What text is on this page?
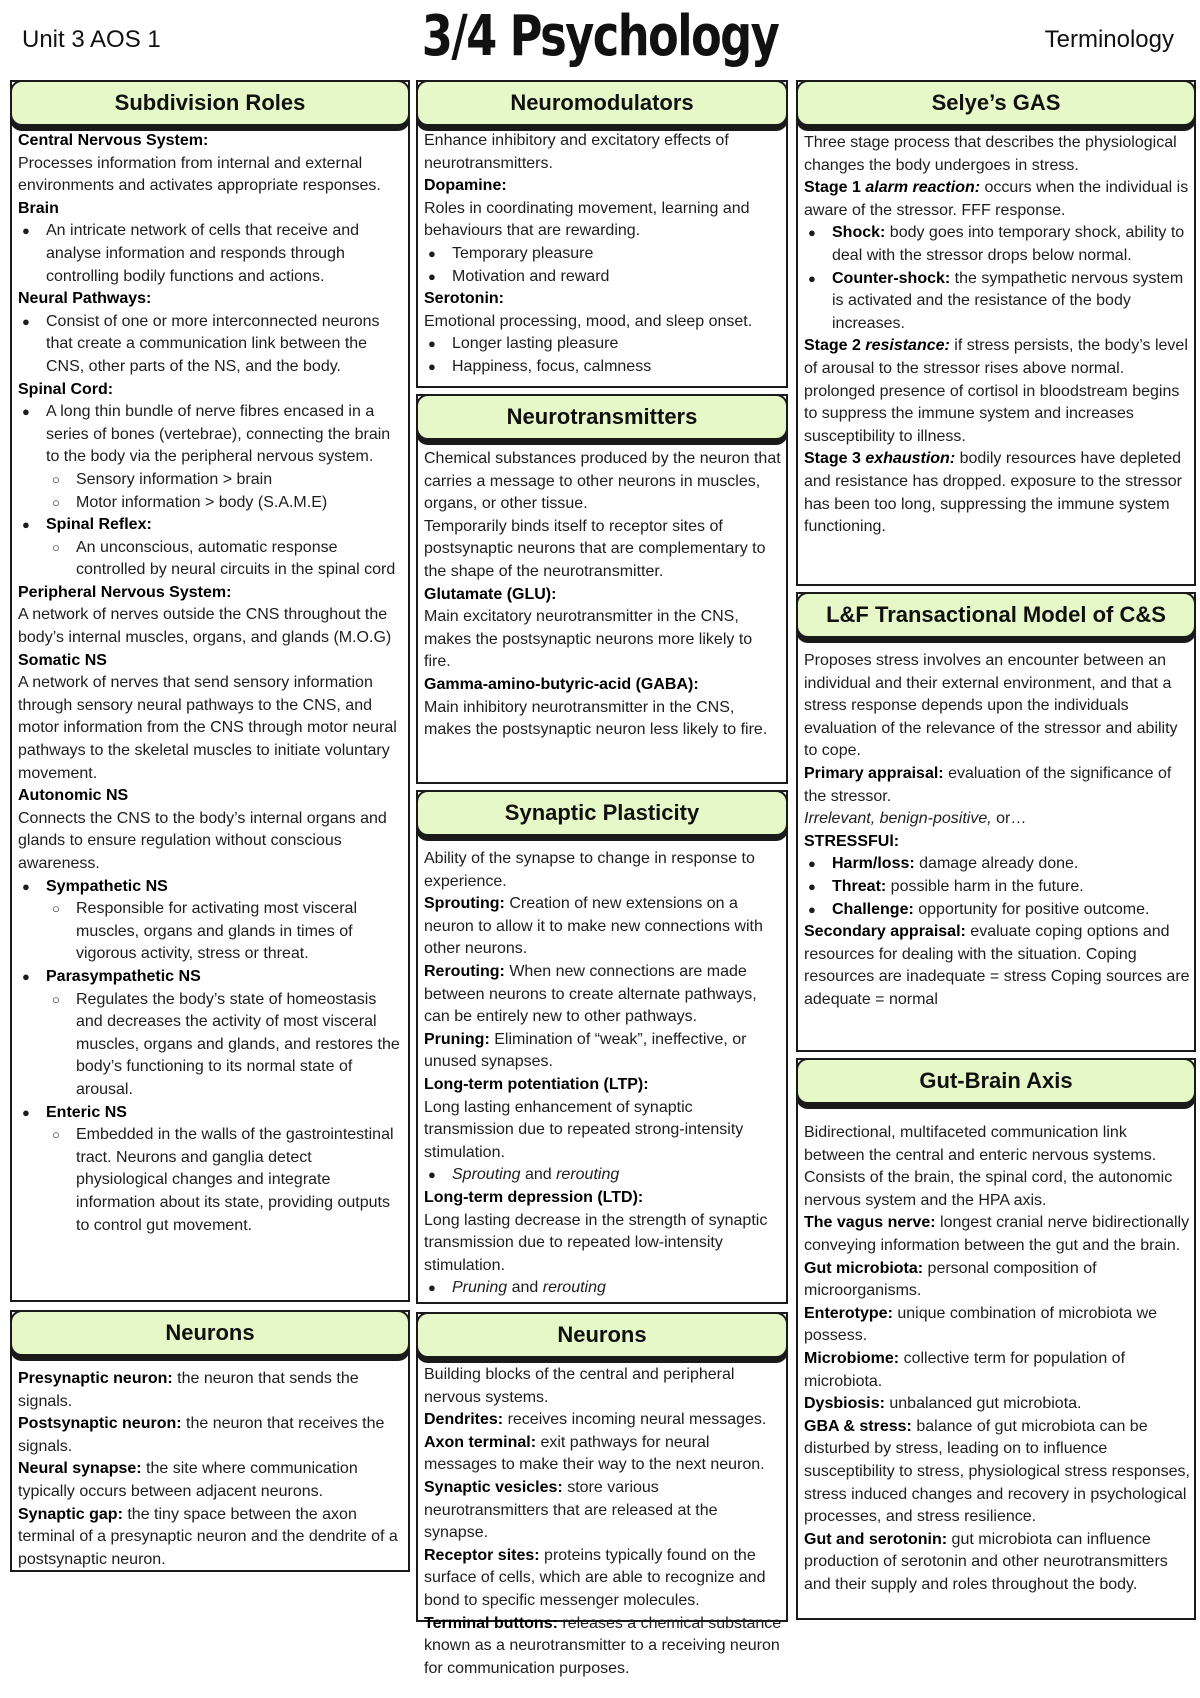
Unit 3 AOS 1	3/4 Psychology	Terminology
Subdivision Roles

Central Nervous System:

Processes information from internal and external environments and activates appropriate responses.

Brain

● An intricate network of cells that receive and analyse information and responds through controlling bodily functions and actions.

Neural Pathways:

● Consist of one or more interconnected neurons that create a communication link between the CNS, other parts of the NS, and the body.

Spinal Cord:

● A long thin bundle of nerve fibres encased in a series of bones (vertebrae), connecting the brain to the body via the peripheral nervous system.
○ Sensory information > brain
○ Motor information > body (S.A.M.E)
● Spinal Reflex:
○ An unconscious, automatic response controlled by neural circuits in the spinal cord

Peripheral Nervous System:

A network of nerves outside the CNS throughout the body’s internal muscles, organs, and glands (M.O.G)

Somatic NS

A network of nerves that send sensory information through sensory neural pathways to the CNS, and motor information from the CNS through motor neural pathways to the skeletal muscles to initiate voluntary movement.

Autonomic NS

Connects the CNS to the body’s internal organs and glands to ensure regulation without conscious awareness.

● Sympathetic NS
○ Responsible for activating most visceral muscles, organs and glands in times of vigorous activity, stress or threat.
● Parasympathetic NS
○ Regulates the body’s state of homeostasis and decreases the activity of most visceral muscles, organs and glands, and restores the body’s functioning to its normal state of arousal.
● Enteric NS
○ Embedded in the walls of the gastrointestinal tract. Neurons and ganglia detect physiological changes and integrate information about its state, providing outputs to control gut movement.
Neurons

Presynaptic neuron: the neuron that sends the signals.

Postsynaptic neuron: the neuron that receives the signals.

Neural synapse: the site where communication typically occurs between adjacent neurons.

Synaptic gap: the tiny space between the axon terminal of a presynaptic neuron and the dendrite of a postsynaptic neuron.

Neuromodulators

Enhance inhibitory and excitatory effects of neurotransmitters.

Dopamine:

Roles in coordinating movement, learning and behaviours that are rewarding.

● Temporary pleasure
● Motivation and reward

Serotonin:

Emotional processing, mood, and sleep onset.

● Longer lasting pleasure
● Happiness, focus, calmness
Neurotransmitters

Chemical substances produced by the neuron that carries a message to other neurons in muscles, organs, or other tissue.

Temporarily binds itself to receptor sites of postsynaptic neurons that are complementary to the shape of the neurotransmitter.

Glutamate (GLU):

Main excitatory neurotransmitter in the CNS, makes the postsynaptic neurons more likely to fire.

Gamma-amino-butyric-acid (GABA):

Main inhibitory neurotransmitter in the CNS, makes the postsynaptic neuron less likely to fire.

Synaptic Plasticity

Ability of the synapse to change in response to experience.

Sprouting: Creation of new extensions on a neuron to allow it to make new connections with other neurons.

Rerouting: When new connections are made between neurons to create alternate pathways, can be entirely new to other pathways.

Pruning: Elimination of “weak”, ineffective, or unused synapses.

Long-term potentiation (LTP):

Long lasting enhancement of synaptic transmission due to repeated strong-intensity stimulation.

● Sprouting and rerouting

Long-term depression (LTD):

Long lasting decrease in the strength of synaptic transmission due to repeated low-intensity stimulation.

● Pruning and rerouting
Neurons

Building blocks of the central and peripheral nervous systems.

Dendrites: receives incoming neural messages.

Axon terminal: exit pathways for neural messages to make their way to the next neuron.

Synaptic vesicles: store various neurotransmitters that are released at the synapse.

Receptor sites: proteins typically found on the surface of cells, which are able to recognize and bond to specific messenger molecules.

Terminal buttons: releases a chemical substance known as a neurotransmitter to a receiving neuron for communication purposes.

Selye’s GAS

Three stage process that describes the physiological changes the body undergoes in stress.

Stage 1 alarm reaction: occurs when the individual is aware of the stressor. FFF response.

● Shock: body goes into temporary shock, ability to deal with the stressor drops below normal.
● Counter-shock: the sympathetic nervous system is activated and the resistance of the body increases.

Stage 2 resistance: if stress persists, the body’s level of arousal to the stressor rises above normal. prolonged presence of cortisol in bloodstream begins to suppress the immune system and increases susceptibility to illness.

Stage 3 exhaustion: bodily resources have depleted and resistance has dropped. exposure to the stressor has been too long, suppressing the immune system functioning.

L&F Transactional Model of C&S

Proposes stress involves an encounter between an individual and their external environment, and that a stress response depends upon the individuals evaluation of the relevance of the stressor and ability to cope.

Primary appraisal: evaluation of the significance of the stressor.

Irrelevant, benign-positive, or…

STRESSFUl:

● Harm/loss: damage already done.
● Threat: possible harm in the future.
● Challenge: opportunity for positive outcome.

Secondary appraisal: evaluate coping options and resources for dealing with the situation. Coping resources are inadequate = stress Coping sources are adequate = normal

Gut-Brain Axis

Bidirectional, multifaceted communication link between the central and enteric nervous systems. Consists of the brain, the spinal cord, the autonomic nervous system and the HPA axis.

The vagus nerve: longest cranial nerve bidirectionally conveying information between the gut and the brain.

Gut microbiota: personal composition of microorganisms.

Enterotype: unique combination of microbiota we possess.

Microbiome: collective term for population of microbiota.

Dysbiosis: unbalanced gut microbiota.

GBA & stress: balance of gut microbiota can be disturbed by stress, leading on to influence susceptibility to stress, physiological stress responses, stress induced changes and recovery in psychological processes, and stress resilience.

Gut and serotonin: gut microbiota can influence production of serotonin and other neurotransmitters and their supply and roles throughout the body.
